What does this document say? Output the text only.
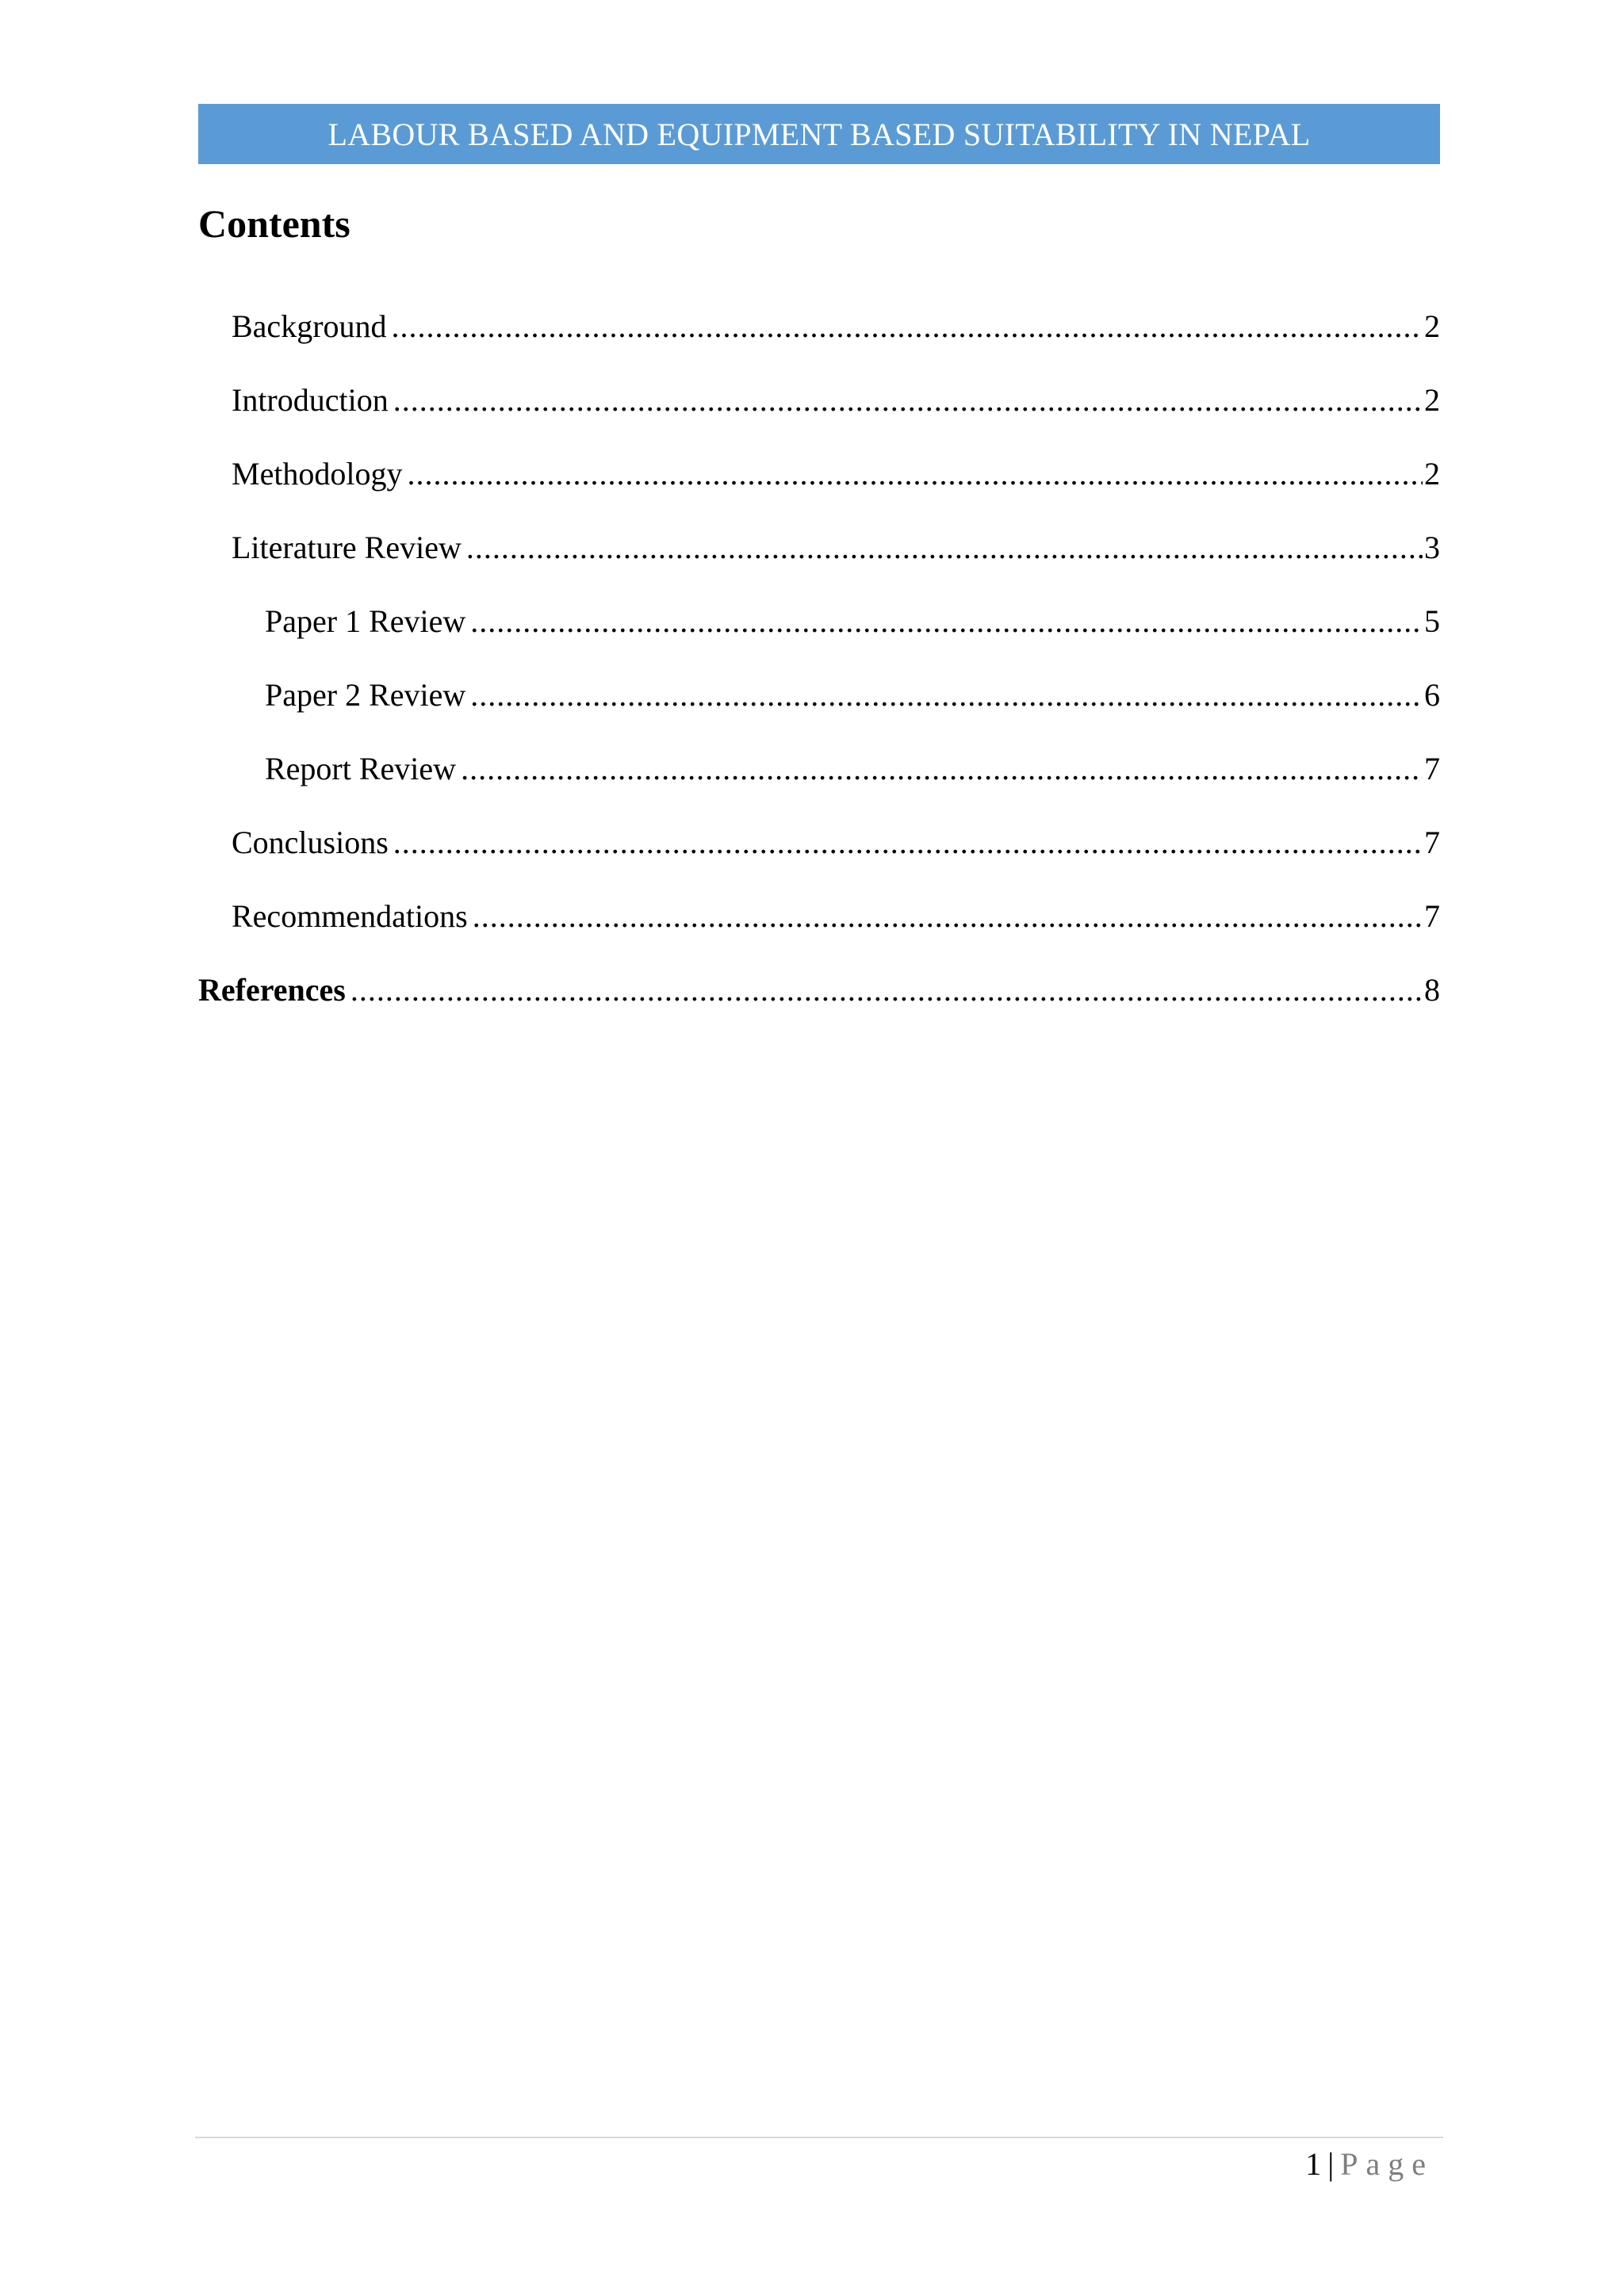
LABOUR BASED AND EQUIPMENT BASED SUITABILITY IN NEPAL
Contents
Background .....	2
Introduction .....	2
Methodology .....	2
Literature Review .....	3
Paper 1 Review .....	5
Paper 2 Review .....	6
Report Review .....	7
Conclusions .....	7
Recommendations .....	7
References .....	8
1 | Page
